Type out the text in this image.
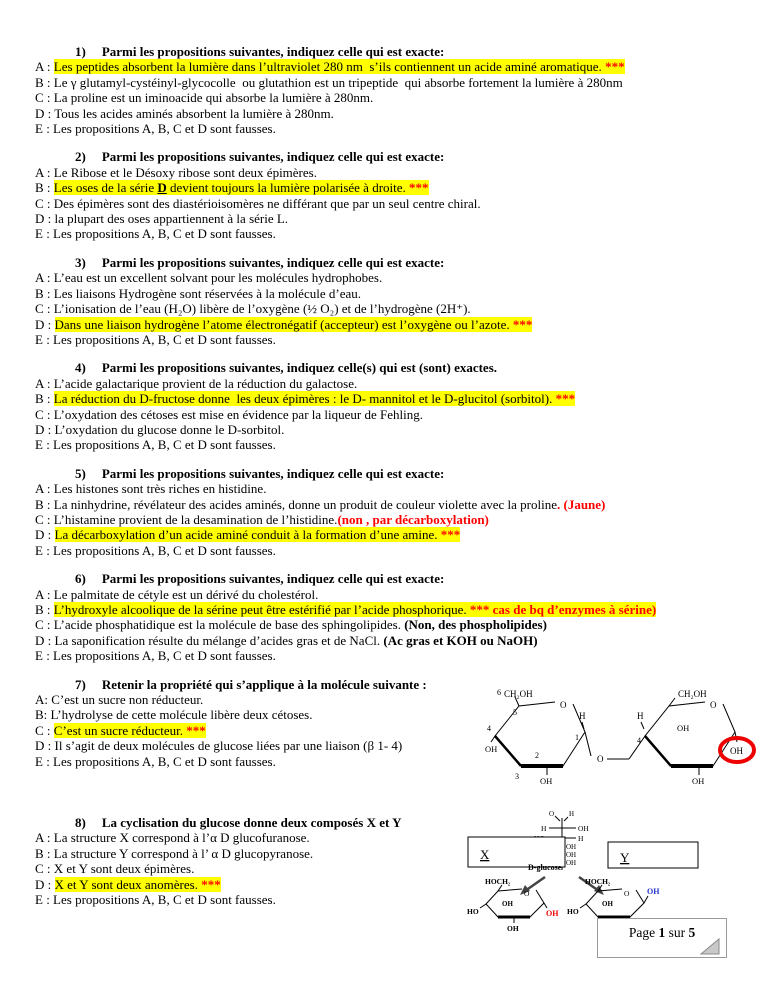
1) Parmi les propositions suivantes, indiquez celle qui est exacte:
A : Les peptides absorbent la lumière dans l’ultraviolet 280 nm  s’ils contiennent un acide aminé aromatique. ***
B : Le γ glutamyl-cystéinyl-glycocolle  ou glutathion est un tripeptide  qui absorbe fortement la lumière à 280nm
C : La proline est un iminoacide qui absorbe la lumière à 280nm.
D : Tous les acides aminés absorbent la lumière à 280nm.
E : Les propositions A, B, C et D sont fausses.
2) Parmi les propositions suivantes, indiquez celle qui est exacte:
A : Le Ribose et le Désoxy ribose sont deux épimères.
B : Les oses de la série D devient toujours la lumière polarisée à droite. ***
C : Des épimères sont des diastérioisomères ne différant que par un seul centre chiral.
D : la plupart des oses appartiennent à la série L.
E : Les propositions A, B, C et D sont fausses.
3) Parmi les propositions suivantes, indiquez celle qui est exacte:
A : L’eau est un excellent solvant pour les molécules hydrophobes.
B : Les liaisons Hydrogène sont réservées à la molécule d’eau.
C : L’ionisation de l’eau (H₂O) libère de l’oxygène (½ O₂) et de l’hydrogène (2H⁺).
D : Dans une liaison hydrogène l’atome électronégatif (accepteur) est l’oxygène ou l’azote. ***
E : Les propositions A, B, C et D sont fausses.
4) Parmi les propositions suivantes, indiquez celle(s) qui est (sont) exactes.
A : L’acide galactarique provient de la réduction du galactose.
B : La réduction du D-fructose donne  les deux épimères : le D- mannitol et le D-glucitol (sorbitol). ***
C : L’oxydation des cétoses est mise en évidence par la liqueur de Fehling.
D : L’oxydation du glucose donne le D-sorbitol.
E : Les propositions A, B, C et D sont fausses.
5) Parmi les propositions suivantes, indiquez celle qui est exacte:
A : Les histones sont très riches en histidine.
B : La ninhydrine, révélateur des acides aminés, donne un produit de couleur violette avec la proline. (Jaune)
C : L’histamine provient de la desamination de l’histidine.(non , par décarboxylation)
D : La décarboxylation d’un acide aminé conduit à la formation d’une amine. ***
E : Les propositions A, B, C et D sont fausses.
6) Parmi les propositions suivantes, indiquez celle qui est exacte:
A : Le palmitate de cétyle est un dérivé du cholestérol.
B : L’hydroxyle alcoolique de la sérine peut être estérifié par l’acide phosphorique. *** cas de bq d’enzymes à sérine)
C : L’acide phosphatidique est la molécule de base des sphingolipides. (Non, des phospholipides)
D : La saponification résulte du mélange d’acides gras et de NaCl. (Ac gras et KOH ou NaOH)
E : Les propositions A, B, C et D sont fausses.
7) Retenir la propriété qui s’applique à la molécule suivante :
A: C’est un sucre non réducteur.
B: L’hydrolyse de cette molécule libère deux cétoses.
C : C’est un sucre réducteur. ***
D : Il s’agit de deux molécules de glucose liées par une liaison (β 1- 4)
E : Les propositions A, B, C et D sont fausses.
8) La cyclisation du glucose donne deux composés X et Y
A : La structure X correspond à l’α D glucofuranose.
B : La structure Y correspond à l’ α D glucopyranose.
C : X et Y sont deux épimères.
D : X et Y sont deux anomères. ***
E : Les propositions A, B, C et D sont fausses.
6 CH₂OH
5
O
H
1
4
OH
2
3 OH
O
CH₂OH
H
4
OH
O
OH
OH
O H
H	OH
H
X	OH
OH
OH
D-glucose
Y
HOCH₂
O
OH
HO	OH
OH
HOCH₂
O
OH
HO
OH
Page 1 sur 5
